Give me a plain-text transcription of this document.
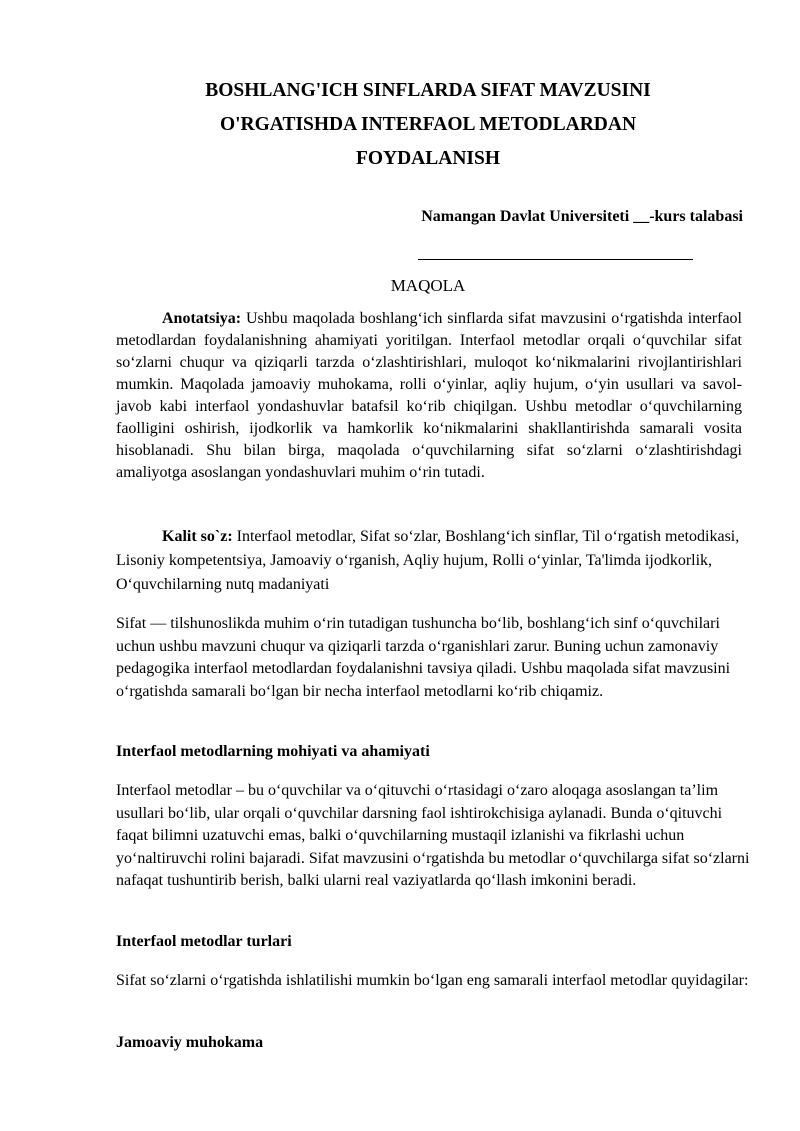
BOSHLANG'ICH SINFLARDA SIFAT MAVZUSINI
O'RGATISHDA INTERFAOL METODLARDAN
FOYDALANISH
Namangan Davlat Universiteti __-kurs talabasi
MAQOLA

Anotatsiya: Ushbu maqolada boshlang‘ich sinflarda sifat mavzusini o‘rgatishda interfaol metodlardan foydalanishning ahamiyati yoritilgan. Interfaol metodlar orqali o‘quvchilar sifat so‘zlarni chuqur va qiziqarli tarzda o‘zlashtirishlari, muloqot ko‘nikmalarini rivojlantirishlari mumkin. Maqolada jamoaviy muhokama, rolli o‘yinlar, aqliy hujum, o‘yin usullari va savol-javob kabi interfaol yondashuvlar batafsil ko‘rib chiqilgan. Ushbu metodlar o‘quvchilarning faolligini oshirish, ijodkorlik va hamkorlik ko‘nikmalarini shakllantirishda samarali vosita hisoblanadi. Shu bilan birga, maqolada o‘quvchilarning sifat so‘zlarni o‘zlashtirishdagi amaliyotga asoslangan yondashuvlari muhim o‘rin tutadi.

Kalit so`z: Interfaol metodlar, Sifat so‘zlar, Boshlang‘ich sinflar, Til o‘rgatish metodikasi, Lisoniy kompetentsiya, Jamoaviy o‘rganish, Aqliy hujum, Rolli o‘yinlar, Ta'limda ijodkorlik, O‘quvchilarning nutq madaniyati

Sifat — tilshunoslikda muhim o‘rin tutadigan tushuncha bo‘lib, boshlang‘ich sinf o‘quvchilari uchun ushbu mavzuni chuqur va qiziqarli tarzda o‘rganishlari zarur. Buning uchun zamonaviy pedagogika interfaol metodlardan foydalanishni tavsiya qiladi. Ushbu maqolada sifat mavzusini o‘rgatishda samarali bo‘lgan bir necha interfaol metodlarni ko‘rib chiqamiz.

Interfaol metodlarning mohiyati va ahamiyati

Interfaol metodlar – bu o‘quvchilar va o‘qituvchi o‘rtasidagi o‘zaro aloqaga asoslangan ta’lim usullari bo‘lib, ular orqali o‘quvchilar darsning faol ishtirokchisiga aylanadi. Bunda o‘qituvchi faqat bilimni uzatuvchi emas, balki o‘quvchilarning mustaqil izlanishi va fikrlashi uchun yo‘naltiruvchi rolini bajaradi. Sifat mavzusini o‘rgatishda bu metodlar o‘quvchilarga sifat so‘zlarni nafaqat tushuntirib berish, balki ularni real vaziyatlarda qo‘llash imkonini beradi.

Interfaol metodlar turlari

Sifat so‘zlarni o‘rgatishda ishlatilishi mumkin bo‘lgan eng samarali interfaol metodlar quyidagilar:

Jamoaviy muhokama
